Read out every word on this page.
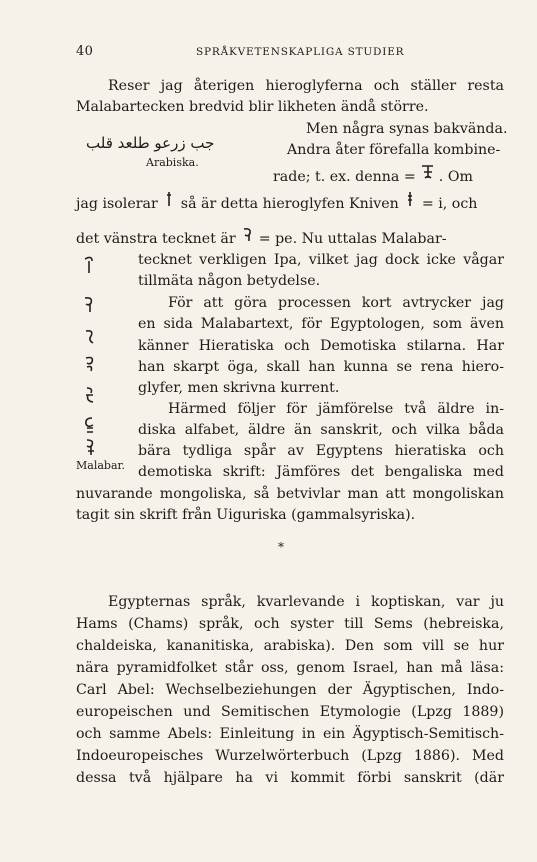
40	SPRÅKVETENSKAPLIGA STUDIER
Reser jag återigen hieroglyferna och ställer resta
Malabartecken bredvid blir likheten ändå större.
ﺟﺐ ﺯﺭﻋﻮ ﻃﻠﻌﺪ ﻗﻠﺐ
Arabiska.
Men några synas bakvända.
Andra åter förefalla kombine-
rade; t. ex. denna = . Om
jag isolerar så är detta hieroglyfen Kniven = i, och
det vänstra tecknet är = pe. Nu uttalas Malabar-
Malabar.
tecknet verkligen Ipa, vilket jag dock icke vågar
tillmäta någon betydelse.
För att göra processen kort avtrycker jag
en sida Malabartext, för Egyptologen, som även
känner Hieratiska och Demotiska stilarna. Har
han skarpt öga, skall han kunna se rena hiero-
glyfer, men skrivna kurrent.
Härmed följer för jämförelse två äldre in-
diska alfabet, äldre än sanskrit, och vilka båda
bära tydliga spår av Egyptens hieratiska och
demotiska skrift: Jämföres det bengaliska med
nuvarande mongoliska, så betvivlar man att mongoliskan
tagit sin skrift från Uiguriska (gammalsyriska).
*
Egypternas språk, kvarlevande i koptiskan, var ju
Hams (Chams) språk, och syster till Sems (hebreiska,
chaldeiska, kananitiska, arabiska). Den som vill se hur
nära pyramidfolket står oss, genom Israel, han må läsa:
Carl Abel: Wechselbeziehungen der Ägyptischen, Indo-
europeischen und Semitischen Etymologie (Lpzg 1889)
och samme Abels: Einleitung in ein Ägyptisch-Semitisch-
Indoeuropeisches Wurzelwörterbuch (Lpzg 1886). Med
dessa två hjälpare ha vi kommit förbi sanskrit (där
